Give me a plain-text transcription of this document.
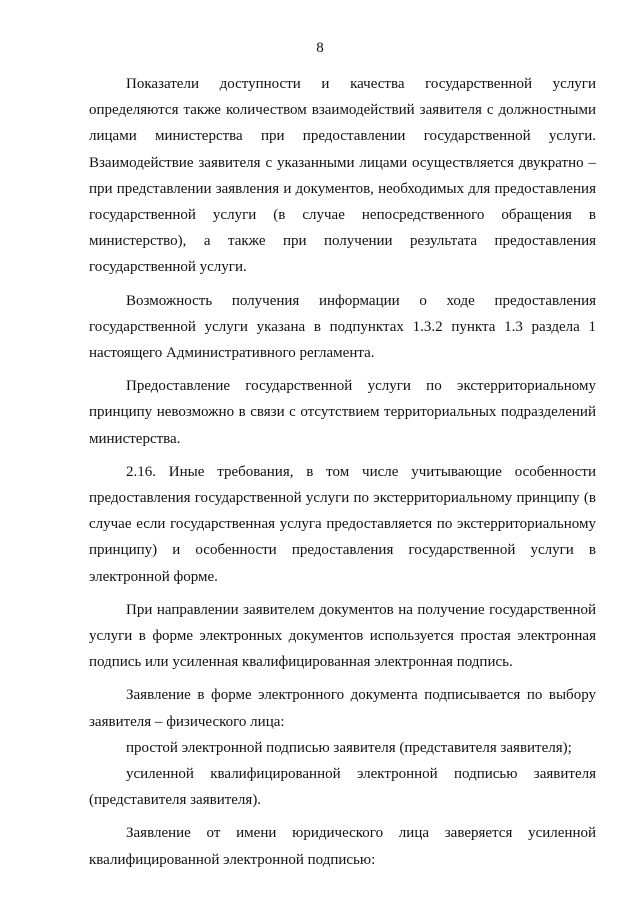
8

Показатели доступности и качества государственной услуги определяются также количеством взаимодействий заявителя с должностными лицами министерства при предоставлении государственной услуги. Взаимодействие заявителя с указанными лицами осуществляется двукратно – при представлении заявления и документов, необходимых для предоставления государственной услуги (в случае непосредственного обращения в министерство), а также при получении результата предоставления государственной услуги.

Возможность получения информации о ходе предоставления государственной услуги указана в подпунктах 1.3.2 пункта 1.3 раздела 1 настоящего Административного регламента.

Предоставление государственной услуги по экстерриториальному принципу невозможно в связи с отсутствием территориальных подразделений министерства.

2.16. Иные требования, в том числе учитывающие особенности предоставления государственной услуги по экстерриториальному принципу (в случае если государственная услуга предоставляется по экстерриториальному принципу) и особенности предоставления государственной услуги в электронной форме.

При направлении заявителем документов на получение государственной услуги в форме электронных документов используется простая электронная подпись или усиленная квалифицированная электронная подпись.

Заявление в форме электронного документа подписывается по выбору заявителя – физического лица:

простой электронной подписью заявителя (представителя заявителя);

усиленной квалифицированной электронной подписью заявителя (представителя заявителя).

Заявление от имени юридического лица заверяется усиленной квалифицированной электронной подписью:
